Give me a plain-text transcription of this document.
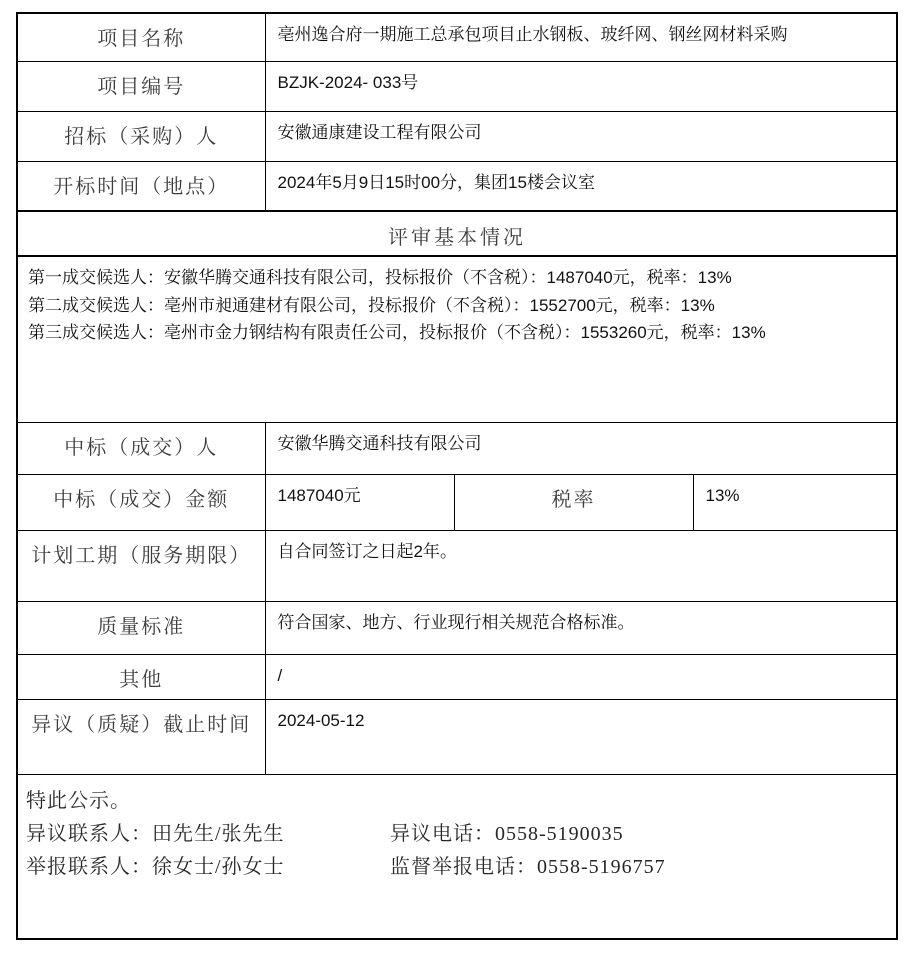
项目名称	亳州逸合府一期施工总承包项目止水钢板、玻纤网、钢丝网材料采购		
项目编号	BZJK-2024- 033号		
招标（采购）人	安徽通康建设工程有限公司		
开标时间（地点）	2024年5月9日15时00分，集团15楼会议室		
评审基本情况			

第一成交候选人：安徽华腾交通科技有限公司，投标报价（不含税）：1487040元，税率：13%
第二成交候选人：亳州市昶通建材有限公司，投标报价（不含税）：1552700元，税率：13%
第三成交候选人：亳州市金力钢结构有限责任公司，投标报价（不含税）：1553260元，税率：13%			

中标（成交）人	安徽华腾交通科技有限公司		
中标（成交）金额	1487040元	税率	13%
计划工期（服务期限）	自合同签订之日起2年。		
质量标准	符合国家、地方、行业现行相关规范合格标准。		
其他	/		
异议（质疑）截止时间	2024-05-12		

特此公示。
异议联系人：田先生/张先生 异议电话：0558-5190035
举报联系人：徐女士/孙女士 监督举报电话：0558-5196757			
